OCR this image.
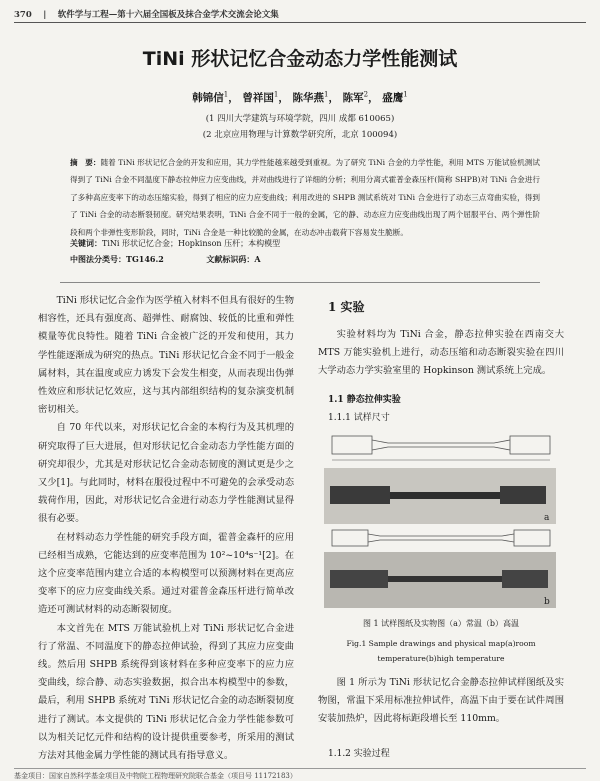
370 　|　 软件学与工程—第十六届全国板及抹合金学术交流会论文集
TiNi 形状记忆合金动态力学性能测试
韩锦信$^1$， 曾祥国$^1$， 陈华燕$^1$， 陈军$^2$， 盛鹰$^1$
(1 四川大学建筑与环境学院，四川 成都 610065)
(2 北京应用物理与计算数学研究所，北京 100094)
摘　要：随着 TiNi 形状记忆合金的开发和应用，其力学性能越来越受到重视。为了研究 TiNi 合金的力学性能，利用 MTS 万能试验机测试得到了 TiNi 合金不同温度下静态拉伸应力应变曲线，并对曲线进行了详细的分析；利用分离式霍普金森压杆(简称 SHPB)对 TiNi 合金进行了多种高应变率下的动态压缩实验，得到了相应的应力应变曲线；利用改进的 SHPB 测试系统对 TiNi 合金进行了动态三点弯曲实验，得到了 TiNi 合金的动态断裂韧度。研究结果表明，TiNi 合金不同于一般的金属，它的静、动态应力应变曲线出现了两个屈服平台、两个弹性阶段和两个非弹性变形阶段，同时，TiNi 合金是一种比较脆的金属，在动态冲击载荷下容易发生脆断。
关键词：TiNi 形状记忆合金；Hopkinson 压杆；本构模型
中图法分类号：TG146.2	文献标识码：A

TiNi 形状记忆合金作为医学植入材料不但具有很好的生物相容性，还具有强度高、超弹性、耐腐蚀、较低的比重和弹性模量等优良特性。随着 TiNi 合金被广泛的开发和使用，其力学性能逐渐成为研究的热点。TiNi 形状记忆合金不同于一般金属材料，其在温度或应力诱发下会发生相变，从而表现出伪弹性效应和形状记忆效应，这与其内部组织结构的复杂演变机制密切相关。

自 70 年代以来，对形状记忆合金的本构行为及其机理的研究取得了巨大进展，但对形状记忆合金动态力学性能方面的研究却很少，尤其是对形状记忆合金动态韧度的测试更是少之又少[1]。与此同时，材料在服役过程中不可避免的会承受动态载荷作用，因此，对形状记忆合金进行动态力学性能测试显得很有必要。

在材料动态力学性能的研究手段方面，霍普金森杆的应用已经相当成熟，它能达到的应变率范围为 10²~10⁴s⁻¹[2]。在这个应变率范围内建立合适的本构模型可以预测材料在更高应变率下的应力应变曲线关系。通过对霍普金森压杆进行简单改造还可测试材料的动态断裂韧度。

本文首先在 MTS 万能试验机上对 TiNi 形状记忆合金进行了常温、不同温度下的静态拉伸试验，得到了其应力应变曲线。然后用 SHPB 系统得到该材料在多种应变率下的应力应变曲线，综合静、动态实验数据，拟合出本构模型中的参数，最后，利用 SHPB 系统对 TiNi 形状记忆合金的动态断裂韧度进行了测试。本文提供的 TiNi 形状记忆合金力学性能参数可以为相关记忆元件和结构的设计提供重要参考，所采用的测试方法对其他金属力学性能的测试具有指导意义。

1 实验

实验材料均为 TiNi 合金，静态拉伸实验在西南交大 MTS 万能实验机上进行，动态压缩和动态断裂实验在四川大学动态力学实验室里的 Hopkinson 测试系统上完成。

1.1 静态拉伸实验
1.1.1 试样尺寸
a
b
图 1 试样图纸及实物图（a）常温（b）高温
Fig.1 Sample drawings and physical map(a)room temperature(b)high temperature

图 1 所示为 TiNi 形状记忆合金静态拉伸试样图纸及实物图，常温下采用标准拉伸试件，高温下由于要在试件周围安装加热炉，因此将标距段增长至 110mm。

1.1.2 实验过程
基金项目：国家自然科学基金项目及中物院工程物理研究院联合基金（项目号 11172183）
